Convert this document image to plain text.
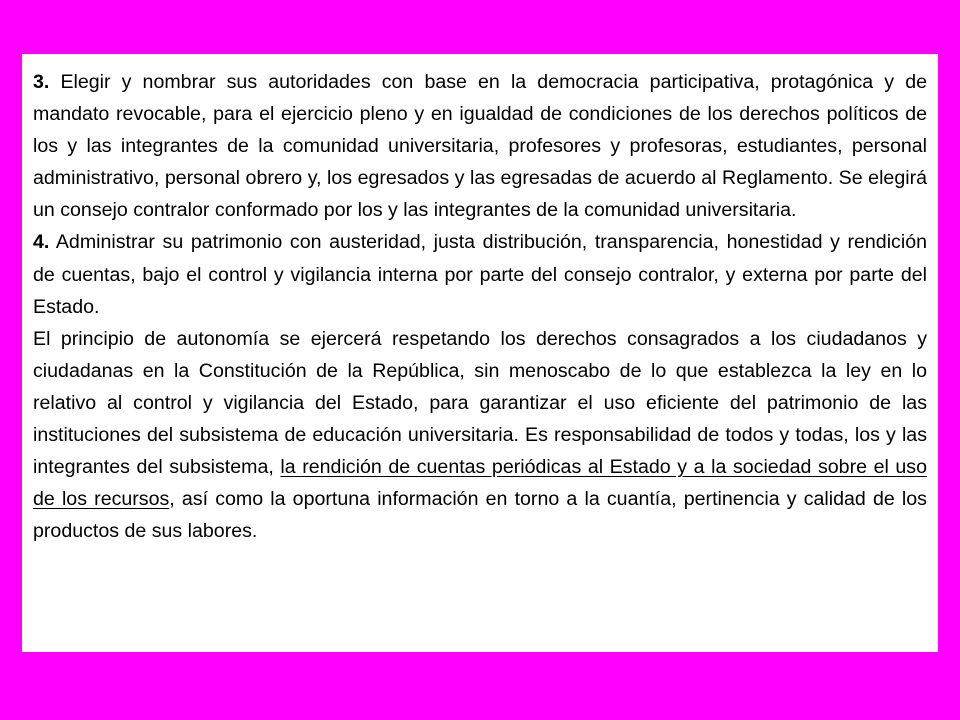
3. Elegir y nombrar sus autoridades con base en la democracia participativa, protagónica y de mandato revocable, para el ejercicio pleno y en igualdad de condiciones de los derechos políticos de los y las integrantes de la comunidad universitaria, profesores y profesoras, estudiantes, personal administrativo, personal obrero y, los egresados y las egresadas de acuerdo al Reglamento. Se elegirá un consejo contralor conformado por los y las integrantes de la comunidad universitaria.

4. Administrar su patrimonio con austeridad, justa distribución, transparencia, honestidad y rendición de cuentas, bajo el control y vigilancia interna por parte del consejo contralor, y externa por parte del Estado.

El principio de autonomía se ejercerá respetando los derechos consagrados a los ciudadanos y ciudadanas en la Constitución de la República, sin menoscabo de lo que establezca la ley en lo relativo al control y vigilancia del Estado, para garantizar el uso eficiente del patrimonio de las instituciones del subsistema de educación universitaria. Es responsabilidad de todos y todas, los y las integrantes del subsistema, la rendición de cuentas periódicas al Estado y a la sociedad sobre el uso de los recursos, así como la oportuna información en torno a la cuantía, pertinencia y calidad de los productos de sus labores.
